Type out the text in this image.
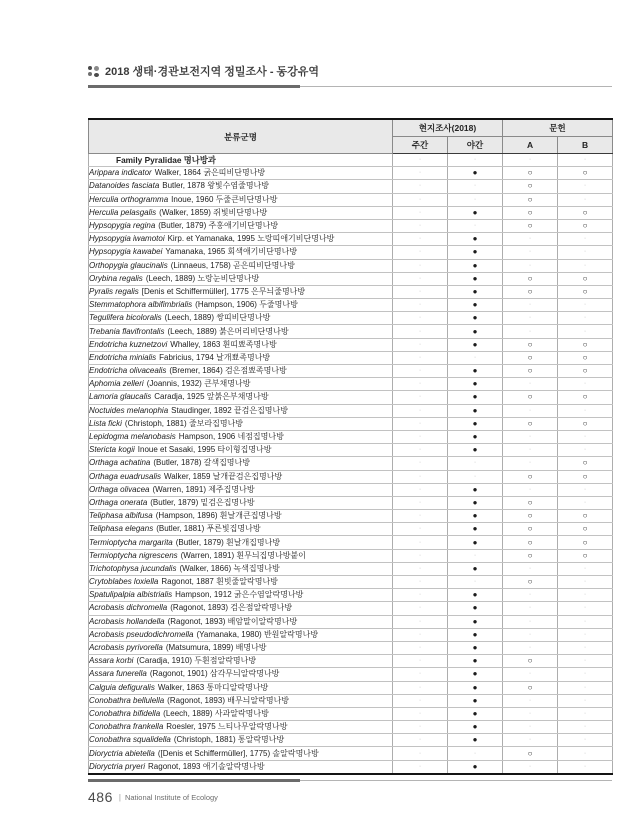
2018 생태·경관보전지역 정밀조사 - 동강유역
분류군명	현지조사(2018)		문헌	
	주간	야간	A	B
Family Pyralidae 명나방과	·	·	·	·
Arippara indicator Walker, 1864 굵은띠비단명나방	·	●	○	○
Datanoides fasciata Butler, 1878 왕빛수염줄명나방	·	·	○	·
Herculia orthogramma Inoue, 1960 두줄큰비단명나방	·	·	○	·
Herculia pelasgalis (Walker, 1859) 쥐빛비단명나방	·	●	○	○
Hypsopygia regina (Butler, 1879) 주홍애기비단명나방	·	·	○	○
Hypsopygia iwamotoi Kirp. et Yamanaka, 1995 노랑띠애기비단명나방	·	●	·	·
Hypsopygia kawabei Yamanaka, 1965 회색애기비단명나방	·	●	·	·
Orthopygia glaucinalis (Linnaeus, 1758) 곧은띠비단명나방	·	●	·	·
Orybina regalis (Leech, 1889) 노랑눈비단명나방	·	●	○	○
Pyralis regalis [Denis et Schiffermüller], 1775 은무늬줄명나방	·	●	○	○
Stemmatophora albifimbrialis (Hampson, 1906) 두줄명나방	·	●	·	·
Tegulifera bicoloralis (Leech, 1889) 쌍띠비단명나방	·	●	·	·
Trebania flavifrontalis (Leech, 1889) 붉은머리비단명나방	·	●	·	·
Endotricha kuznetzovi Whalley, 1863 흰띠뾰족명나방	·	●	○	○
Endotricha minialis Fabricius, 1794 날개뾰족명나방	·	·	○	○
Endotricha olivacealis (Bremer, 1864) 검은점뾰족명나방	·	●	○	○
Aphomia zelleri (Joannis, 1932) 큰부채명나방	·	●	·	·
Lamoria glaucalis Caradja, 1925 앞붉은부채명나방	·	●	○	○
Noctuides melanophia Staudinger, 1892 끝검은집명나방	·	●	·	·
Lista ficki (Christoph, 1881) 줄보라집명나방	·	●	○	○
Lepidogma melanobasis Hampson, 1906 네점집명나방	·	●	·	·
Stericta kogii Inoue et Sasaki, 1995 타이형집명나방	·	●	·	·
Orthaga achatina (Butler, 1878) 갈색집명나방	·	·	·	○
Orthaga euadrusalis Walker, 1859 날개끝검은집명나방	·	·	○	○
Orthaga olivacea (Warren, 1891) 제주집명나방	·	●	·	·
Orthaga onerata (Butler, 1879) 밑검은집명나방	·	●	○	·
Teliphasa albifusa (Hampson, 1896) 흰날개큰집명나방	·	●	○	○
Teliphasa elegans (Butler, 1881) 푸른빛집명나방	·	●	○	○
Termioptycha margarita (Butler, 1879) 흰날개집명나방	·	●	○	○
Termioptycha nigrescens (Warren, 1891) 흰무늬집명나방붙이	·	·	○	○
Trichotophysa jucundalis (Walker, 1866) 녹색집명나방	·	●	·	·
Crytoblabes loxiella Ragonot, 1887 흰빗줄알락명나방	·	·	○	·
Spatulipalpia albistrialis Hampson, 1912 굵은수염알락명나방	·	●	·	·
Acrobasis dichromella (Ragonot, 1893) 검은점알락명나방	·	●	·	·
Acrobasis hollandella (Ragonot, 1893) 배암말이알락명나방	·	●	·	·
Acrobasis pseudodichromella (Yamanaka, 1980) 반원알락명나방	·	●	·	·
Acrobasis pyrivorella (Matsumura, 1899) 배명나방	·	●	·	·
Assara korbi (Caradja, 1910) 두흰점알락명나방	·	●	○	·
Assara funerella (Ragonot, 1901) 삼각무늬알락명나방	·	●	·	·
Calguia defiguralis Walker, 1863 통마디알락명나방	·	●	○	·
Conobathra bellulella (Ragonot, 1893) 배무늬알락명나방	·	●	·	·
Conobathra bifidella (Leech, 1889) 사과알락명나방	·	●	·	·
Conobathra frankella Roesler, 1975 느티나무알락명나방	·	●	·	·
Conobathra squalidella (Christoph, 1881) 통알락명나방	·	●	·	·
Dioryctria abietella ([Denis et Schiffermüller], 1775) 솔알락명나방	·	·	○	·
Dioryctria pryeri Ragonot, 1893 애기솔알락명나방	·	●	·	·
486 | National Institute of Ecology
